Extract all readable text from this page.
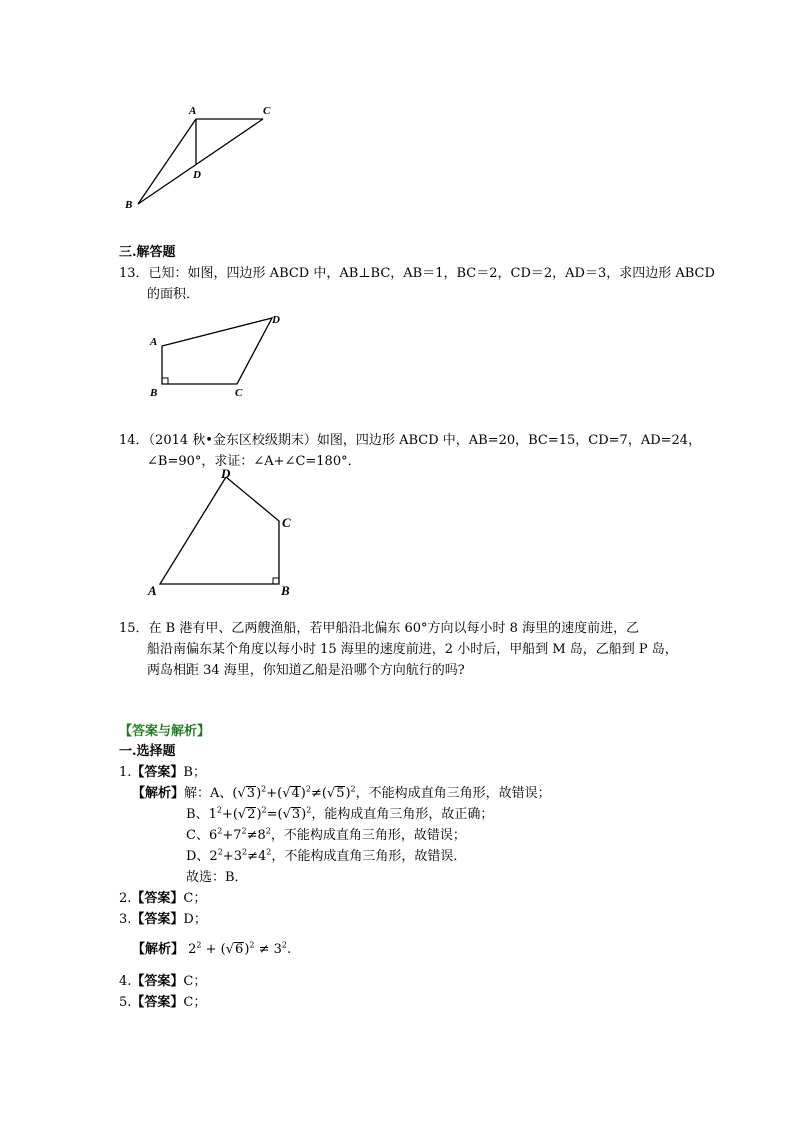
A	C
D
B
三.解答题
13．已知：如图，四边形 ABCD 中，AB⊥BC，AB＝1，BC＝2，CD＝2，AD＝3，求四边形 ABCD
的面积．
A
B	C
D
14．（2014 秋•金东区校级期末）如图，四边形 ABCD 中，AB=20，BC=15，CD=7，AD=24，
∠B=90°，求证：∠A+∠C=180°．
D
C
A	B
15．在 B 港有甲、乙两艘渔船，若甲船沿北偏东 60°方向以每小时 8 海里的速度前进，乙
船沿南偏东某个角度以每小时 15 海里的速度前进，2 小时后，甲船到 M 岛，乙船到 P 岛，
两岛相距 34 海里，你知道乙船是沿哪个方向航行的吗?
【答案与解析】
一.选择题
1.【答案】B；
【解析】解：A、$(√3)^2+(√4)^2\ne(√5)^2$，不能构成直角三角形，故错误；
B、$1^2+(√2)^2=(√3)^2$，能构成直角三角形，故正确；
C、$6^2+7^2\ne 8^2$，不能构成直角三角形，故错误；
D、$2^2+3^2\ne 4^2$，不能构成直角三角形，故错误．
故选：B．
2.【答案】C；
3.【答案】D；
【解析】 $2^2 + (√6)^2 \ne 3^2$.
4.【答案】C；
5.【答案】C；
